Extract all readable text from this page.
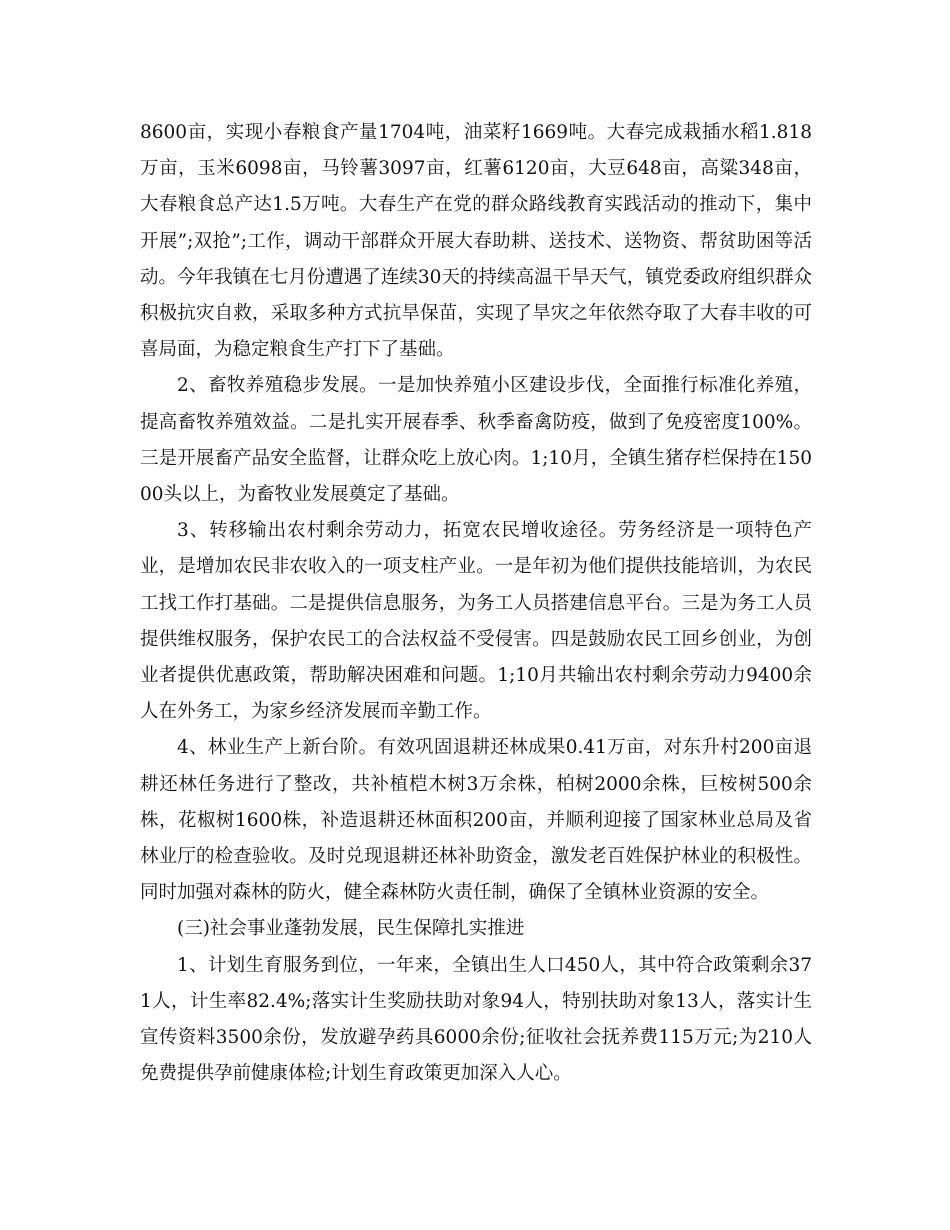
8600亩，实现小春粮食产量1704吨，油菜籽1669吨。大春完成栽插水稻1.818万亩，玉米6098亩，马铃薯3097亩，红薯6120亩，大豆648亩，高粱348亩，大春粮食总产达1.5万吨。大春生产在党的群众路线教育实践活动的推动下，集中开展”;双抢”;工作，调动干部群众开展大春助耕、送技术、送物资、帮贫助困等活动。今年我镇在七月份遭遇了连续30天的持续高温干旱天气，镇党委政府组织群众积极抗灾自救，采取多种方式抗旱保苗，实现了旱灾之年依然夺取了大春丰收的可喜局面，为稳定粮食生产打下了基础。

2、畜牧养殖稳步发展。一是加快养殖小区建设步伐，全面推行标准化养殖，提高畜牧养殖效益。二是扎实开展春季、秋季畜禽防疫，做到了免疫密度100%。三是开展畜产品安全监督，让群众吃上放心肉。1;10月，全镇生猪存栏保持在15000头以上，为畜牧业发展奠定了基础。

3、转移输出农村剩余劳动力，拓宽农民增收途径。劳务经济是一项特色产业，是增加农民非农收入的一项支柱产业。一是年初为他们提供技能培训，为农民工找工作打基础。二是提供信息服务，为务工人员搭建信息平台。三是为务工人员提供维权服务，保护农民工的合法权益不受侵害。四是鼓励农民工回乡创业，为创业者提供优惠政策，帮助解决困难和问题。1;10月共输出农村剩余劳动力9400余人在外务工，为家乡经济发展而辛勤工作。

4、林业生产上新台阶。有效巩固退耕还林成果0.41万亩，对东升村200亩退耕还林任务进行了整改，共补植桤木树3万余株，柏树2000余株，巨桉树500余株，花椒树1600株，补造退耕还林面积200亩，并顺利迎接了国家林业总局及省林业厅的检查验收。及时兑现退耕还林补助资金，激发老百姓保护林业的积极性。同时加强对森林的防火，健全森林防火责任制，确保了全镇林业资源的安全。

(三)社会事业蓬勃发展，民生保障扎实推进

1、计划生育服务到位，一年来，全镇出生人口450人，其中符合政策剩余371人，计生率82.4%;落实计生奖励扶助对象94人，特别扶助对象13人，落实计生宣传资料3500余份，发放避孕药具6000余份;征收社会抚养费115万元;为210人免费提供孕前健康体检;计划生育政策更加深入人心。
